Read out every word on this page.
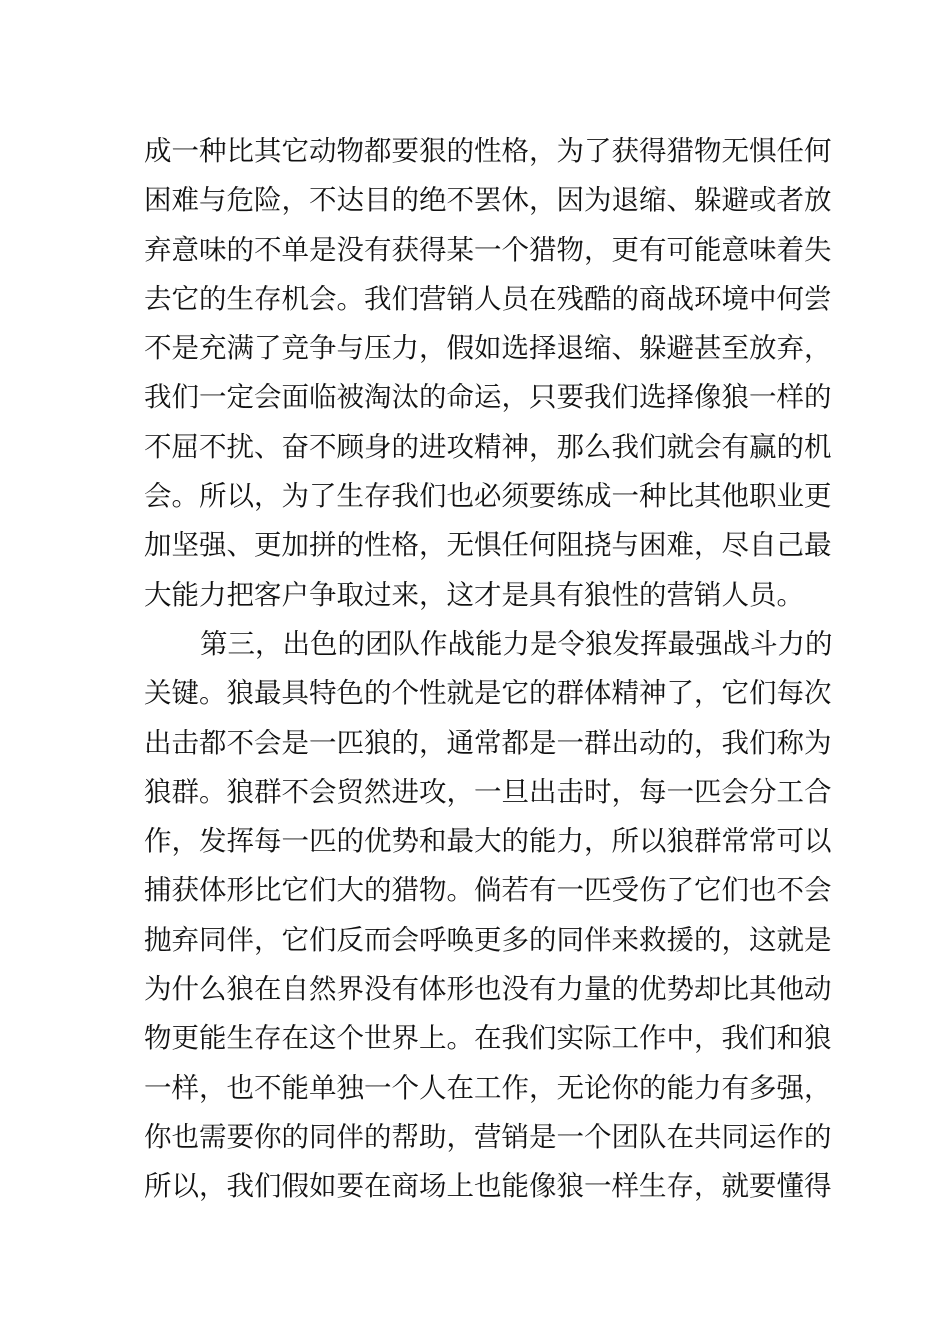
成一种比其它动物都要狠的性格，为了获得猎物无惧任何
困难与危险，不达目的绝不罢休，因为退缩、躲避或者放
弃意味的不单是没有获得某一个猎物，更有可能意味着失
去它的生存机会。我们营销人员在残酷的商战环境中何尝
不是充满了竞争与压力，假如选择退缩、躲避甚至放弃，
我们一定会面临被淘汰的命运，只要我们选择像狼一样的
不屈不扰、奋不顾身的进攻精神，那么我们就会有赢的机
会。所以，为了生存我们也必须要练成一种比其他职业更
加坚强、更加拼的性格，无惧任何阻挠与困难，尽自己最
大能力把客户争取过来，这才是具有狼性的营销人员。
第三，出色的团队作战能力是令狼发挥最强战斗力的
关键。狼最具特色的个性就是它的群体精神了，它们每次
出击都不会是一匹狼的，通常都是一群出动的，我们称为
狼群。狼群不会贸然进攻，一旦出击时，每一匹会分工合
作，发挥每一匹的优势和最大的能力，所以狼群常常可以
捕获体形比它们大的猎物。倘若有一匹受伤了它们也不会
抛弃同伴，它们反而会呼唤更多的同伴来救援的，这就是
为什么狼在自然界没有体形也没有力量的优势却比其他动
物更能生存在这个世界上。在我们实际工作中，我们和狼
一样，也不能单独一个人在工作，无论你的能力有多强，
你也需要你的同伴的帮助，营销是一个团队在共同运作的
所以，我们假如要在商场上也能像狼一样生存，就要懂得
